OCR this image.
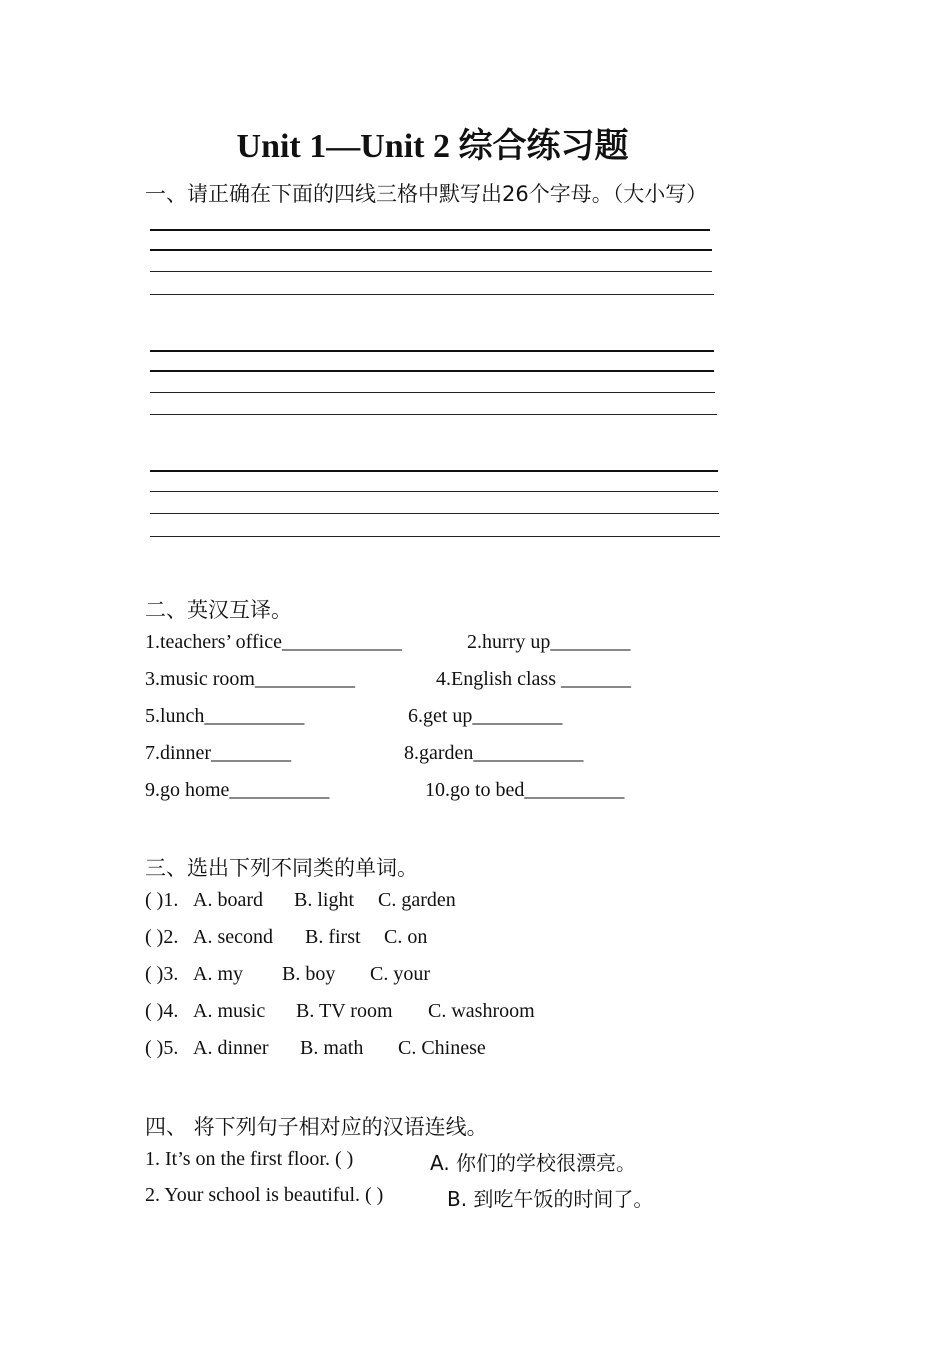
Unit 1—Unit 2 综合练习题
一、请正确在下面的四线三格中默写出26个字母。（大小写）
二、英汉互译。
1.teachers’ office____________	2.hurry up________
3.music room__________	4.English class _______
5.lunch__________	6.get up_________
7.dinner________	8.garden___________
9.go home__________	10.go to bed__________
三、选出下列不同类的单词。
( )1. A. board B. light C. garden
( )2. A. second B. first C. on
( )3. A. my B. boy C. your
( )4. A. music B. TV room C. washroom
( )5. A. dinner B. math C. Chinese
四、 将下列句子相对应的汉语连线。
1. It’s on the first floor. ( )	A. 你们的学校很漂亮。
2. Your school is beautiful. ( )	B. 到吃午饭的时间了。
